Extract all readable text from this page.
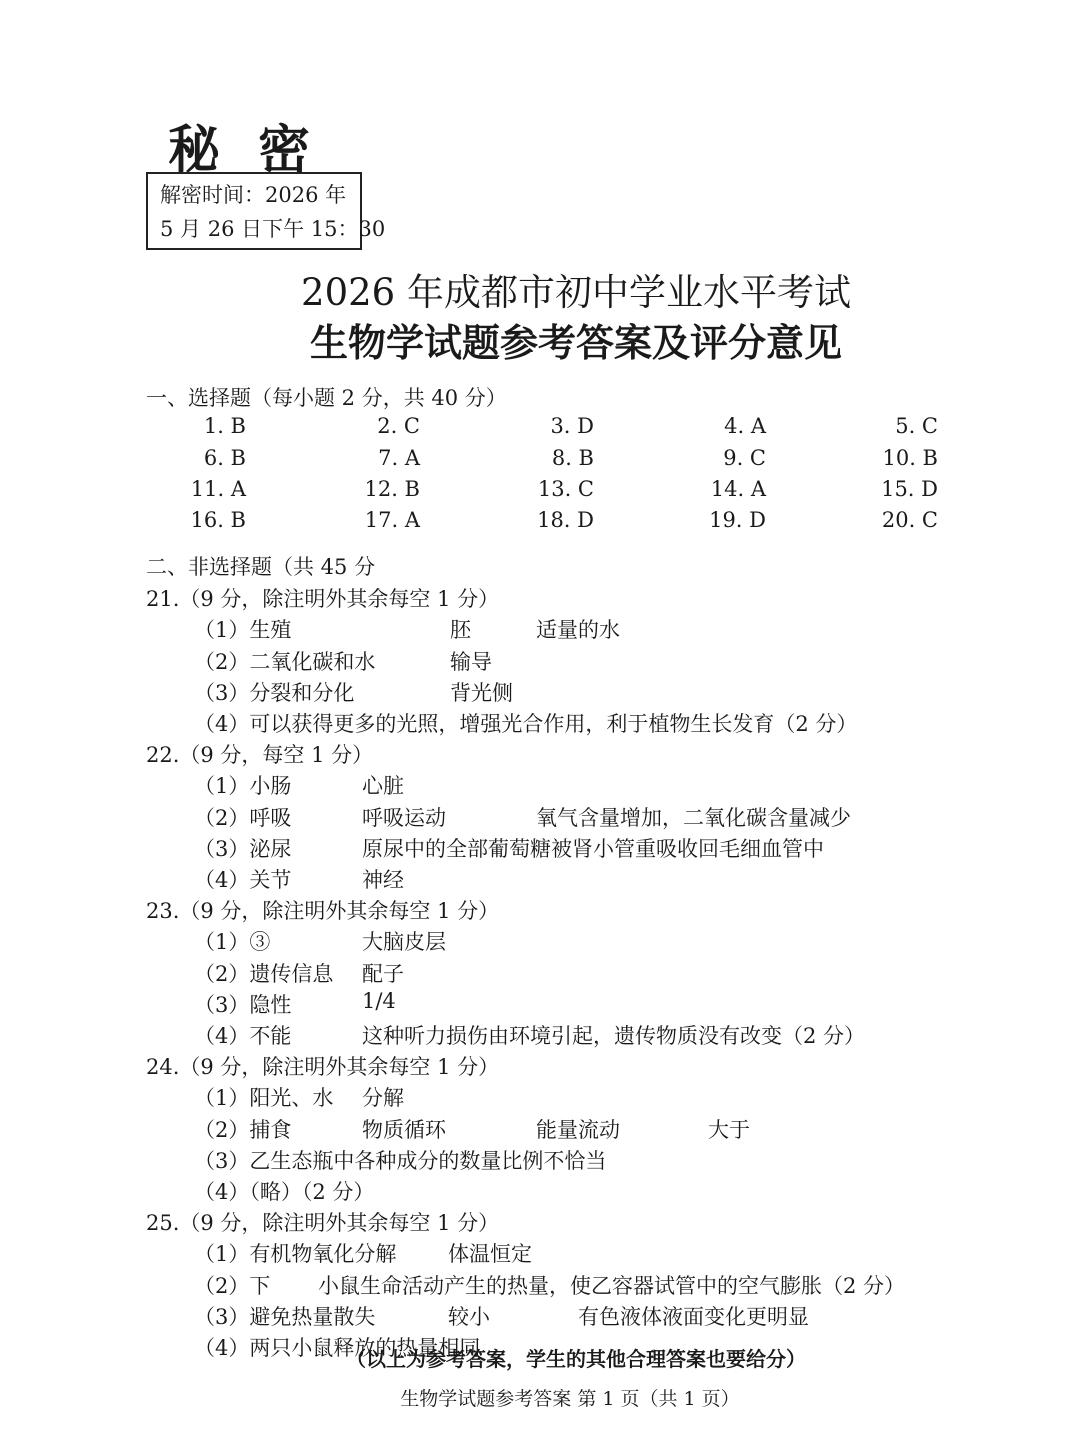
秘密
解密时间：2026 年
5 月 26 日下午 15：30
2026 年成都市初中学业水平考试
生物学试题参考答案及评分意见
一、选择题（每小题 2 分，共 40 分）
1. B	2. C	3. D	4. A	5. C
6. B	7. A	8. B	9. C	10. B
11. A	12. B	13. C	14. A	15. D
16. B	17. A	18. D	19. D	20. C
二、非选择题（共 45 分
21.（9 分，除注明外其余每空 1 分）
（1）生殖	胚	适量的水
（2）二氧化碳和水	输导
（3）分裂和分化	背光侧
（4）可以获得更多的光照，增强光合作用，利于植物生长发育（2 分）
22.（9 分，每空 1 分）
（1）小肠	心脏
（2）呼吸	呼吸运动	氧气含量增加，二氧化碳含量减少
（3）泌尿	原尿中的全部葡萄糖被肾小管重吸收回毛细血管中
（4）关节	神经
23.（9 分，除注明外其余每空 1 分）
（1）③	大脑皮层
（2）遗传信息 配子
（3）隐性	1/4
（4）不能	这种听力损伤由环境引起，遗传物质没有改变（2 分）
24.（9 分，除注明外其余每空 1 分）
（1）阳光、水 分解
（2）捕食	物质循环	能量流动	大于
（3）乙生态瓶中各种成分的数量比例不恰当
（4）（略）（2 分）
25.（9 分，除注明外其余每空 1 分）
（1）有机物氧化分解 体温恒定
（2）下 小鼠生命活动产生的热量，使乙容器试管中的空气膨胀（2 分）
（3）避免热量散失	较小	有色液体液面变化更明显
（4）两只小鼠释放的热量相同
（以上为参考答案，学生的其他合理答案也要给分）
生物学试题参考答案 第 1 页（共 1 页）
